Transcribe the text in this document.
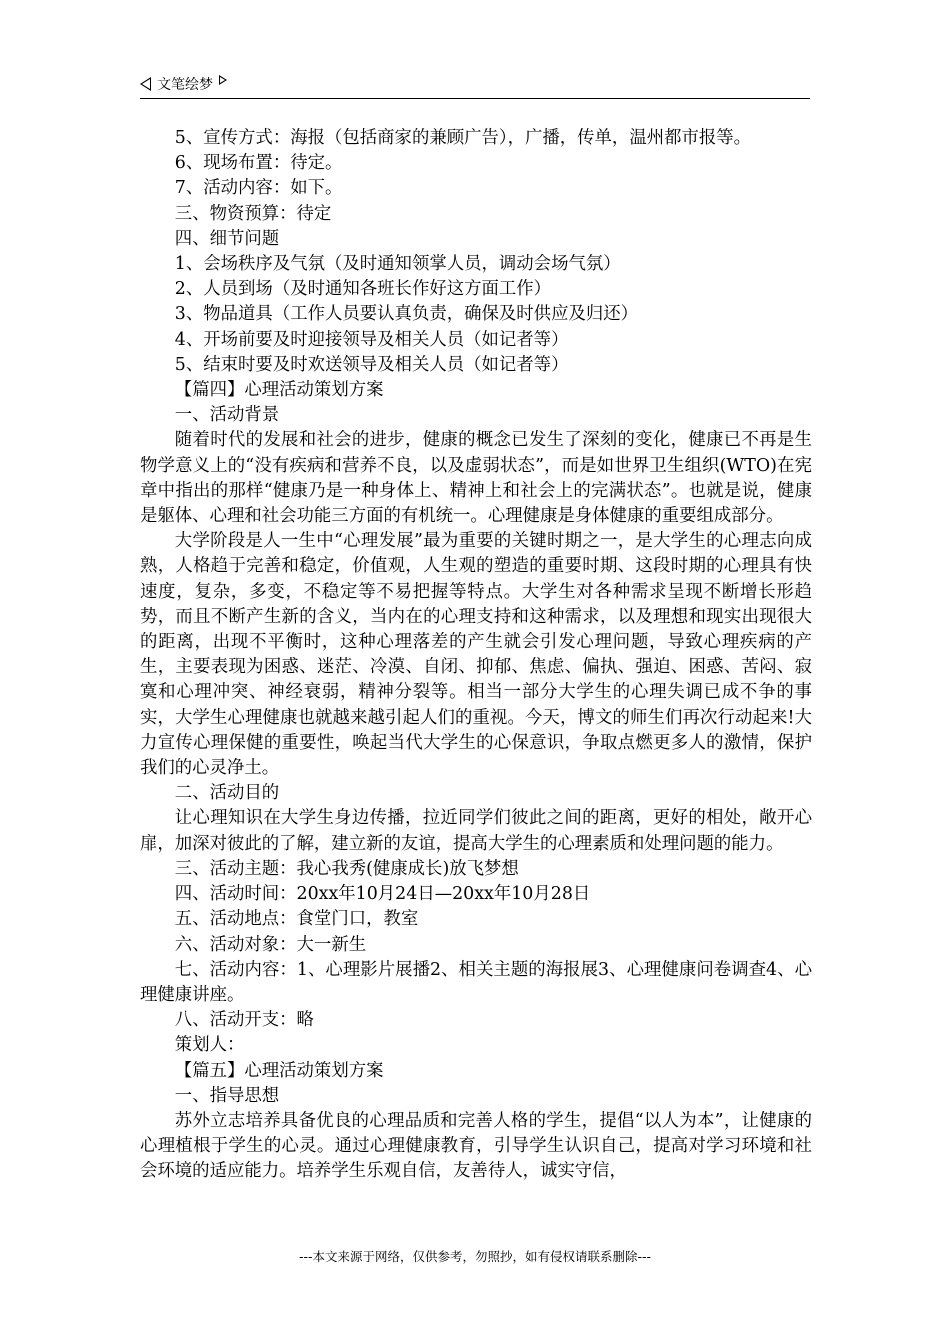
文笔绘梦

5、宣传方式：海报（包括商家的兼顾广告），广播，传单，温州都市报等。

6、现场布置：待定。

7、活动内容：如下。

三、物资预算：待定

四、细节问题

1、会场秩序及气氛（及时通知领掌人员，调动会场气氛）

2、人员到场（及时通知各班长作好这方面工作）

3、物品道具（工作人员要认真负责，确保及时供应及归还）

4、开场前要及时迎接领导及相关人员（如记者等）

5、结束时要及时欢送领导及相关人员（如记者等）

【篇四】心理活动策划方案

一、活动背景

随着时代的发展和社会的进步，健康的概念已发生了深刻的变化，健康已不再是生物学意义上的“没有疾病和营养不良，以及虚弱状态”，而是如世界卫生组织(WTO)在宪章中指出的那样“健康乃是一种身体上、精神上和社会上的完满状态”。也就是说，健康是躯体、心理和社会功能三方面的有机统一。心理健康是身体健康的重要组成部分。

大学阶段是人一生中“心理发展”最为重要的关键时期之一，是大学生的心理志向成熟，人格趋于完善和稳定，价值观，人生观的塑造的重要时期、这段时期的心理具有快速度，复杂，多变，不稳定等不易把握等特点。大学生对各种需求呈现不断增长形趋势，而且不断产生新的含义，当内在的心理支持和这种需求，以及理想和现实出现很大的距离，出现不平衡时，这种心理落差的产生就会引发心理问题，导致心理疾病的产生，主要表现为困惑、迷茫、冷漠、自闭、抑郁、焦虑、偏执、强迫、困惑、苦闷、寂寞和心理冲突、神经衰弱，精神分裂等。相当一部分大学生的心理失调已成不争的事实，大学生心理健康也就越来越引起人们的重视。今天，博文的师生们再次行动起来!大力宣传心理保健的重要性，唤起当代大学生的心保意识，争取点燃更多人的激情，保护我们的心灵净土。

二、活动目的

让心理知识在大学生身边传播，拉近同学们彼此之间的距离，更好的相处，敞开心扉，加深对彼此的了解，建立新的友谊，提高大学生的心理素质和处理问题的能力。

三、活动主题：我心我秀(健康成长)放飞梦想

四、活动时间：20xx年10月24日—20xx年10月28日

五、活动地点：食堂门口，教室

六、活动对象：大一新生

七、活动内容：1、心理影片展播2、相关主题的海报展3、心理健康问卷调查4、心理健康讲座。

八、活动开支：略

策划人：

【篇五】心理活动策划方案

一、指导思想

苏外立志培养具备优良的心理品质和完善人格的学生，提倡“以人为本”，让健康的心理植根于学生的心灵。通过心理健康教育，引导学生认识自己，提高对学习环境和社会环境的适应能力。培养学生乐观自信，友善待人，诚实守信，

---本文来源于网络，仅供参考，勿照抄，如有侵权请联系删除---
